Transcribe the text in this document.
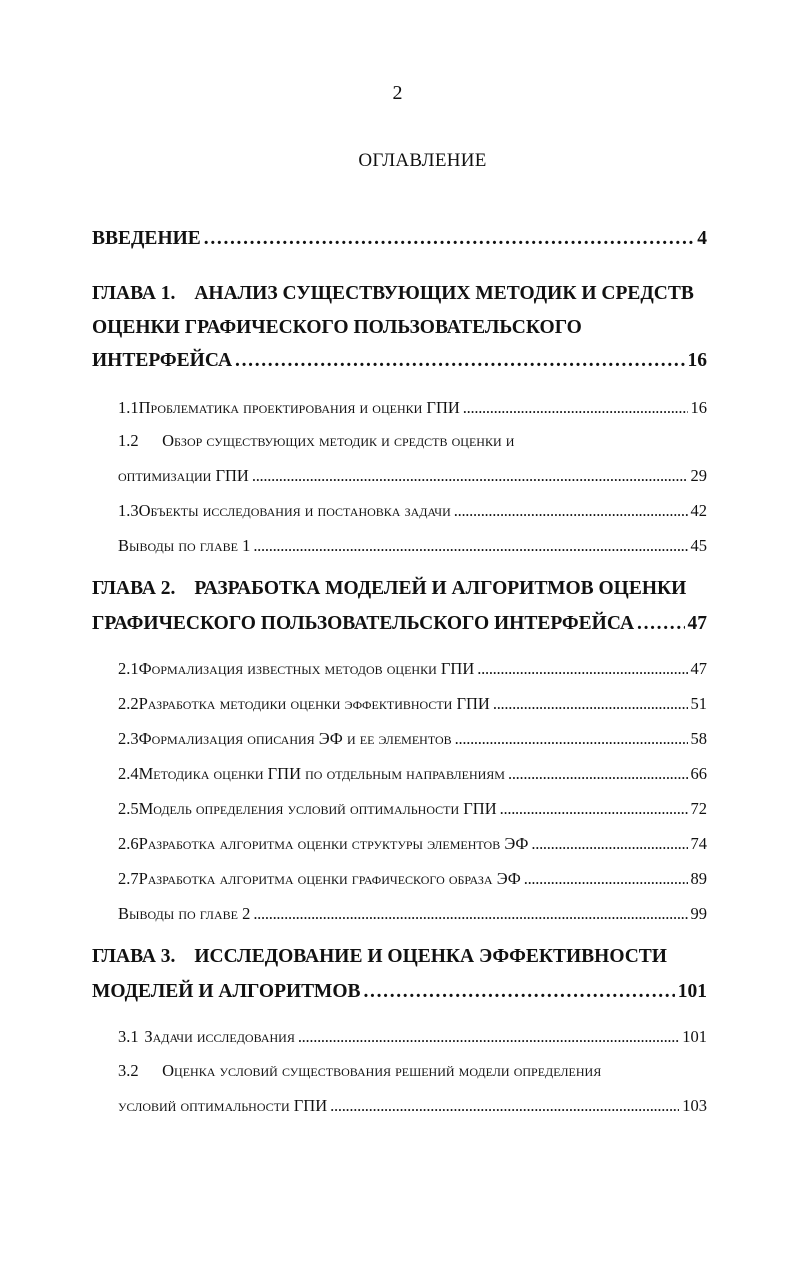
2
ОГЛАВЛЕНИЕ
ВВЕДЕНИЕ . . .	4
ГЛАВА 1. АНАЛИЗ СУЩЕСТВУЮЩИХ МЕТОДИК И СРЕДСТВ
ОЦЕНКИ ГРАФИЧЕСКОГО ПОЛЬЗОВАТЕЛЬСКОГО
ИНТЕРФЕЙСА . . .	16
1.1 Проблематика проектирования и оценки ГПИ . . .	16
1.2 Обзор существующих методик и средств оценки и
оптимизации ГПИ . . .	29
1.3 Объекты исследования и постановка задачи . . .	42
Выводы по главе 1 . . .	45
ГЛАВА 2. РАЗРАБОТКА МОДЕЛЕЙ И АЛГОРИТМОВ ОЦЕНКИ
ГРАФИЧЕСКОГО ПОЛЬЗОВАТЕЛЬСКОГО ИНТЕРФЕЙСА . . .	47
2.1 Формализация известных методов оценки ГПИ . . .	47
2.2 Разработка методики оценки эффективности ГПИ . . .	51
2.3 Формализация описания ЭФ и ее элементов . . .	58
2.4 Методика оценки ГПИ по отдельным направлениям . . .	66
2.5 Модель определения условий оптимальности ГПИ . . .	72
2.6 Разработка алгоритма оценки структуры элементов ЭФ . . .	74
2.7 Разработка алгоритма оценки графического образа ЭФ . . .	89
Выводы по главе 2 . . .	99
ГЛАВА 3. ИССЛЕДОВАНИЕ И ОЦЕНКА ЭФФЕКТИВНОСТИ
МОДЕЛЕЙ И АЛГОРИТМОВ . . .	101
3.1 Задачи исследования . . .	101
3.2 Оценка условий существования решений модели определения
условий оптимальности ГПИ . . .	103
